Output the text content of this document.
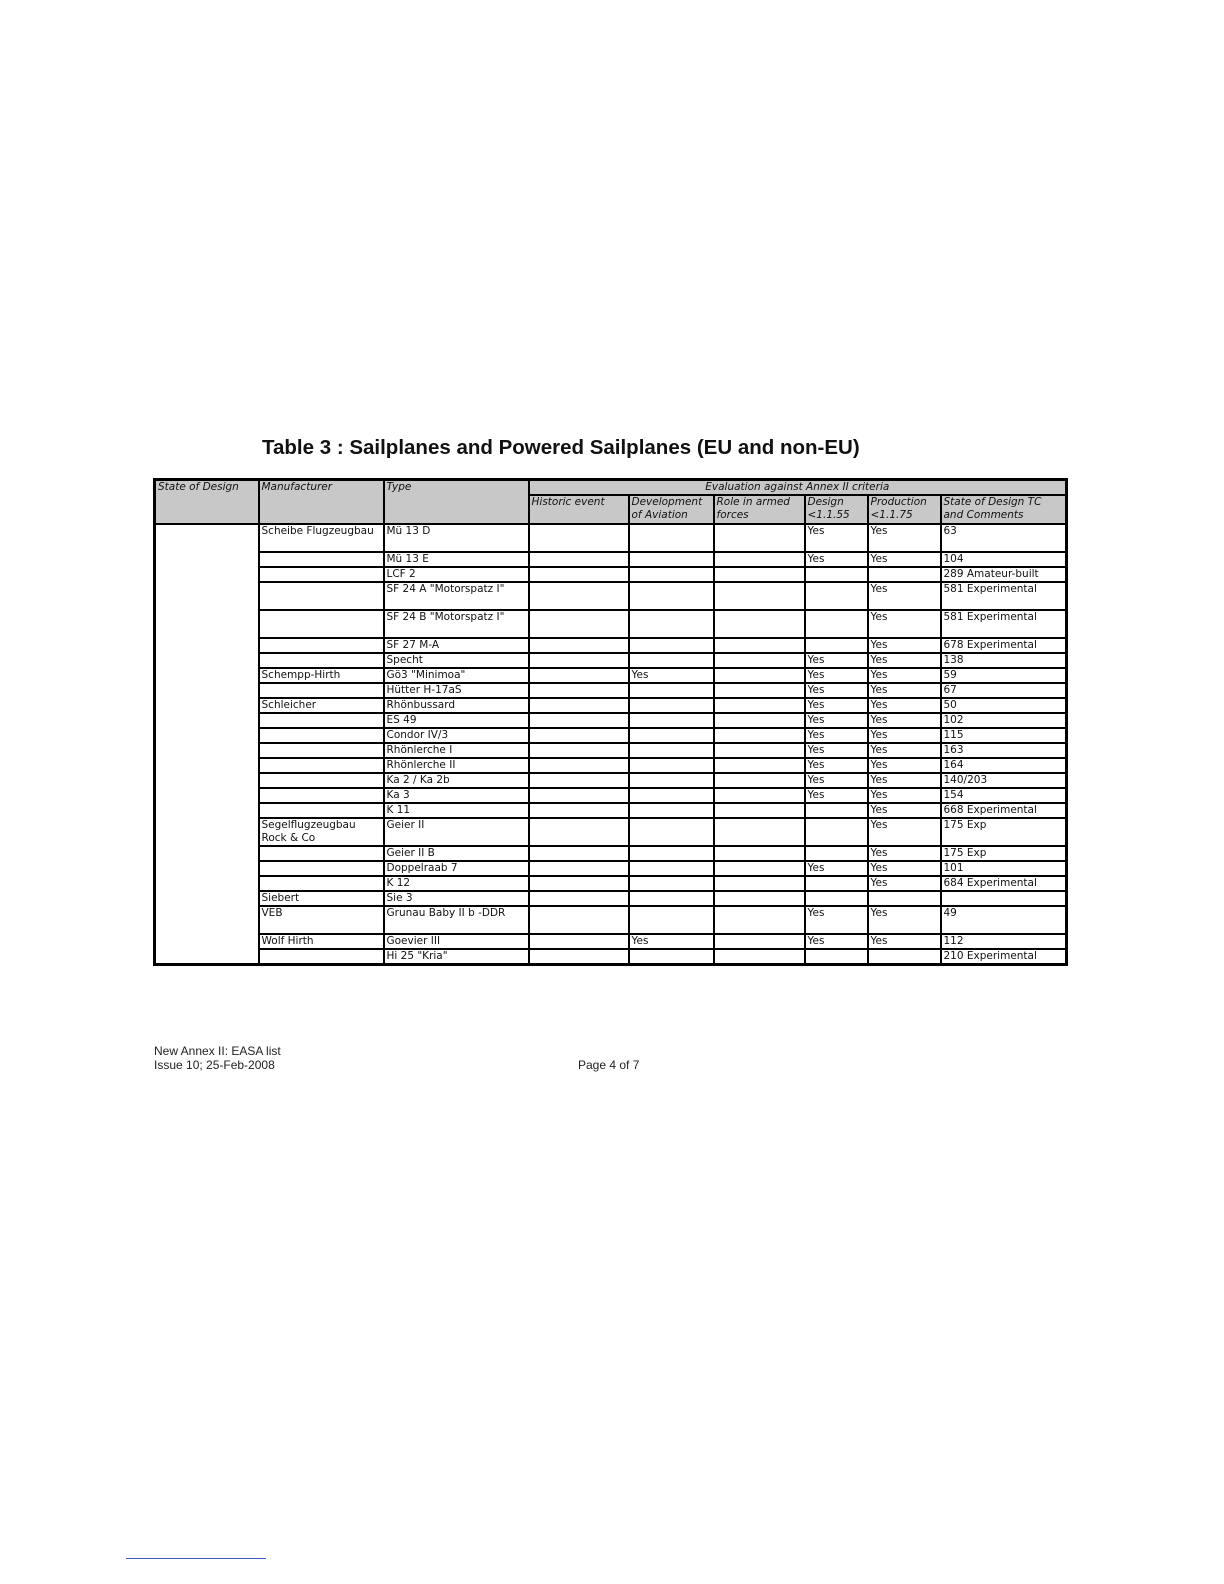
Table 3 : Sailplanes and Powered Sailplanes (EU and non-EU)
State of Design	Manufacturer	Type	Evaluation against Annex II criteria					
			Historic event	Development of Aviation	Role in armed forces	Design <1.1.55	Production <1.1.75	State of Design TC and Comments
	Scheibe Flugzeugbau	Mü 13 D				Yes	Yes	63
		Mü 13 E				Yes	Yes	104
		LCF 2						289 Amateur-built
		SF 24 A "Motorspatz I"					Yes	581 Experimental
		SF 24 B "Motorspatz I"					Yes	581 Experimental
		SF 27 M-A					Yes	678 Experimental
		Specht				Yes	Yes	138
	Schempp-Hirth	Gö3 "Minimoa"		Yes		Yes	Yes	59
		Hütter H-17aS				Yes	Yes	67
	Schleicher	Rhönbussard				Yes	Yes	50
		ES 49				Yes	Yes	102
		Condor IV/3				Yes	Yes	115
		Rhönlerche I				Yes	Yes	163
		Rhönlerche II				Yes	Yes	164
		Ka 2 / Ka 2b				Yes	Yes	140/203
		Ka 3				Yes	Yes	154
		K 11					Yes	668 Experimental
	Segelflugzeugbau Rock & Co	Geier II					Yes	175 Exp
		Geier II B					Yes	175 Exp
		Doppelraab 7				Yes	Yes	101
		K 12					Yes	684 Experimental
	Siebert	Sie 3						
	VEB	Grunau Baby II b -DDR				Yes	Yes	49
	Wolf Hirth	Goevier III		Yes		Yes	Yes	112
		Hi 25 "Kria"						210 Experimental
New Annex II: EASA list
Issue 10; 25-Feb-2008	Page 4 of 7
